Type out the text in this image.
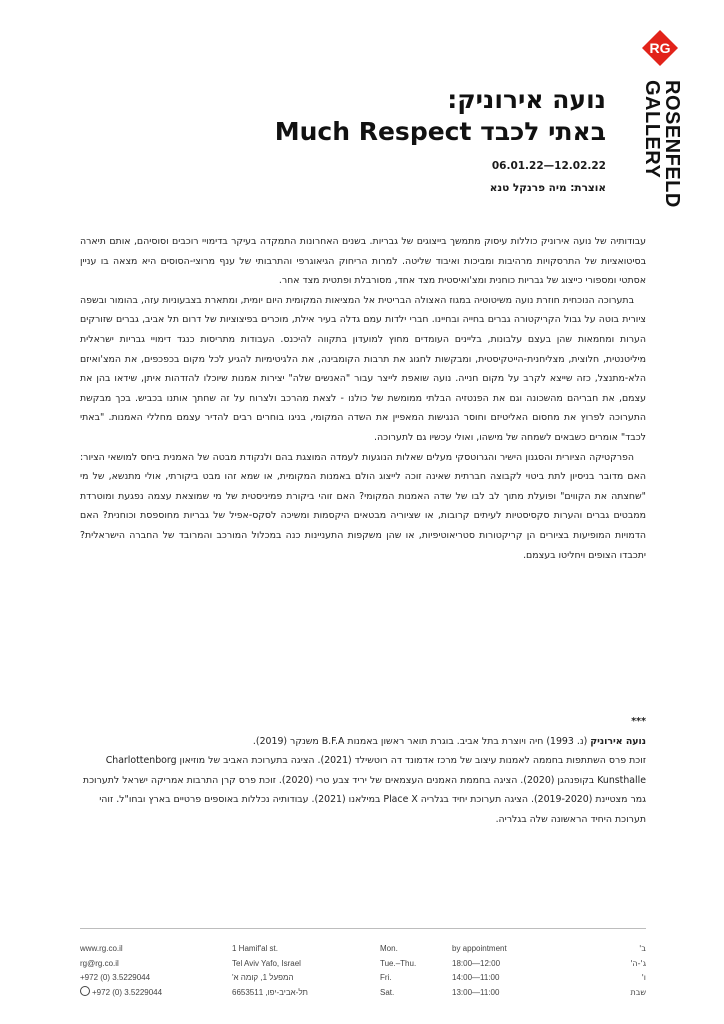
RG
ROSENFELD
GALLERY
נועה אירוניק:
באתי לכבד Much Respect
12.02.22—06.01.22
אוצרת: מיה פרנקל טנא

עבודותיה של נועה אירוניק כוללות עיסוק מתמשך בייצוגים של גבריות. בשנים האחרונות התמקדה בעיקר בדימויי רוכבים וסוסיהם, אותם תיארה בסיטואציות של התרסקויות מרהיבות ומביכות ואיבוד שליטה. למרות הריחוק הגיאוגרפי והתרבותי של ענף מרוצי-הסוסים היא מצאה בו עניין אסתטי ומספורי כייצוג של גבריות כוחנית ומצ'ואיסטית מצד אחד, מסורבלת ופתטית מצד אחר.

בתערוכה הנוכחית חוזרת נועה משיטוטיה במגוז האצולה הבריטית אל המציאות המקומית היום יומית, ומתארת בצבעוניות עזה, בהומור ובשפה ציורית בוטה על גבול הקריקטורה גברים בחייה ובחיינו. חברי ילדות עמם גדלה בעיר אילת, מוכרים בפיצוציות של דרום תל אביב, גברים שזורקים הערות ומחמאות שהן בעצם עלבונות, בליינים העומדים מחוץ למועדון בתקווה להיכנס. העבודות מתריסות כנגד דימויי גבריות ישראלית מיליטנטית, חלוצית, מצליחנית-הייטקיסטית, ומבקשות לחגוג את תרבות הקומבינה, את הלגיטימיות להגיע לכל מקום בכפכפים, את המצ'ואיזם הלא-מתנצל, כזה שייצא לקרב על מקום חנייה. נועה שואפת לייצר עבור "האנשים שלה" יצירות אמנות שיוכלו להזדהות איתן, שידאו בהן את עצמם, את חבריהם מהשכונה וגם את הפנטזיה הבלתי ממומשת של כולנו - לצאת מהרכב ולצרוח על זה שחתך אותנו בכביש. בכך מבקשת התערוכה לפרוץ את מחסום האליטיזם וחוסר הנגישות המאפיין את השדה המקומי, בניגו בוחרים רבים להדיר עצמם מחללי האמנות. "באתי לכבד" אומרים כשבאים לשמחה של מישהו, ואולי עכשיו גם לתערוכה.

הפרקטיקה הציורית והסגנון הישיר והגרוטסקי מעלים שאלות הנוגעות לעמדה המוצגת בהם ולנקודת מבטה של האמנית ביחס למושאי הציור: האם מדובר בניסיון לתת ביטוי לקבוצה חברתית שאינה זוכה לייצוג הולם באמנות המקומית, או שמא זהו מבט ביקורתי, אולי מתנשא, של מי "שחצתה את הקווים" ופועלת מתוך לב לבו של שדה האמנות המקומי? האם זוהי ביקורת פמיניסטית של מי שמוצאת עצמה נפגעת ומוטרדת ממבטים גברים והערות סקסיסטיות לעיתים קרובות, או שציוריה מבטאים היקסמות ומשיכה לסקס-אפיל של גבריות מחוספסת וכוחנית? האם הדמויות המופיעות בציורים הן קריקטורות סטריאוטיפיות, או שהן משקפות התעניינות כנה במכלול המורכב והמרובד של החברה הישראלית? יתכבדו הצופים ויחליטו בעצמם.

***
נועה אירוניק (נ. 1993) חיה ויוצרת בתל אביב. בוגרת תואר ראשון באמנות B.F.A משנקר (2019).
זוכת פרס השתתפות בחממה לאמנות עיצוב של מרכז אדמונד דה רוטשילד (2021). הציגה בתערוכת האביב של מוזיאון Charlottenborg Kunsthalle בקופנהגן (2020). הציגה בחממת האמנים העצמאים של יריד צבע טרי (2020). זוכת פרס קרן התרבות אמריקה ישראל לתערוכת גמר מצטיינת (2019-2020). הציגה תערוכת יחיד בגלריה Place X במילאנו (2021). עבודותיה נכללות באוספים פרטיים בארץ ובחו"ל. זוהי תערוכת היחיד הראשונה שלה בגלריה.
www.rg.co.il
rg@rg.co.il
+972 (0) 3.5229044
+972 (0) 3.5229044
1 Hamif'al st.
Tel Aviv Yafo, Israel
המפעל 1, קומה א'
תל-אביב-יפו, 6653511
Mon.	by appointment	ב'
Tue.–Thu.	18:00—12:00	ג'-ה'
Fri.	14:00—11:00	ו'
Sat.	13:00—11:00	שבת
